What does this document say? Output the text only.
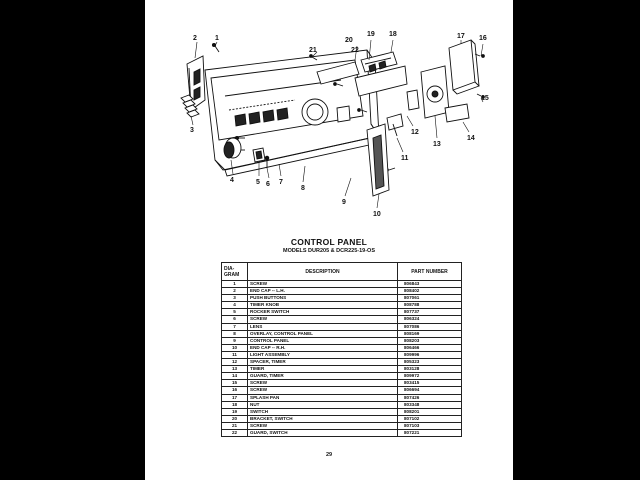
1
2
3
4	5 6 7
8
9
10
11
12
13
14
15
16
17
18
19
20
21	22
CONTROL PANEL
MODELS DUR205 & DCR225-19-OS
DIA-
GRAM	DESCRIPTION	PART NUMBER
1	SCREW	806843
2	END CAP -- L.H.	808402
3	PUSH BUTTONS	807061
4	TIMER KNOB	808788
5	ROCKER SWITCH	807737
6	SCREW	806324
7	LENS	807086
8	OVERLAY, CONTROL PANEL	808169
9	CONTROL PANEL	808203
10	END CAP -- R.H.	806466
11	LIGHT ASSEMBLY	809996
12	SPACER, TIMER	805323
13	TIMER	803128
14	GUARD, TIMER	809972
15	SCREW	803415
16	SCREW	806694
17	SPLASH PAN	807426
18	NUT	803348
19	SWITCH	808201
20	BRACKET, SWITCH	807102
21	SCREW	807103
22	GUARD, SWITCH	807221
29
